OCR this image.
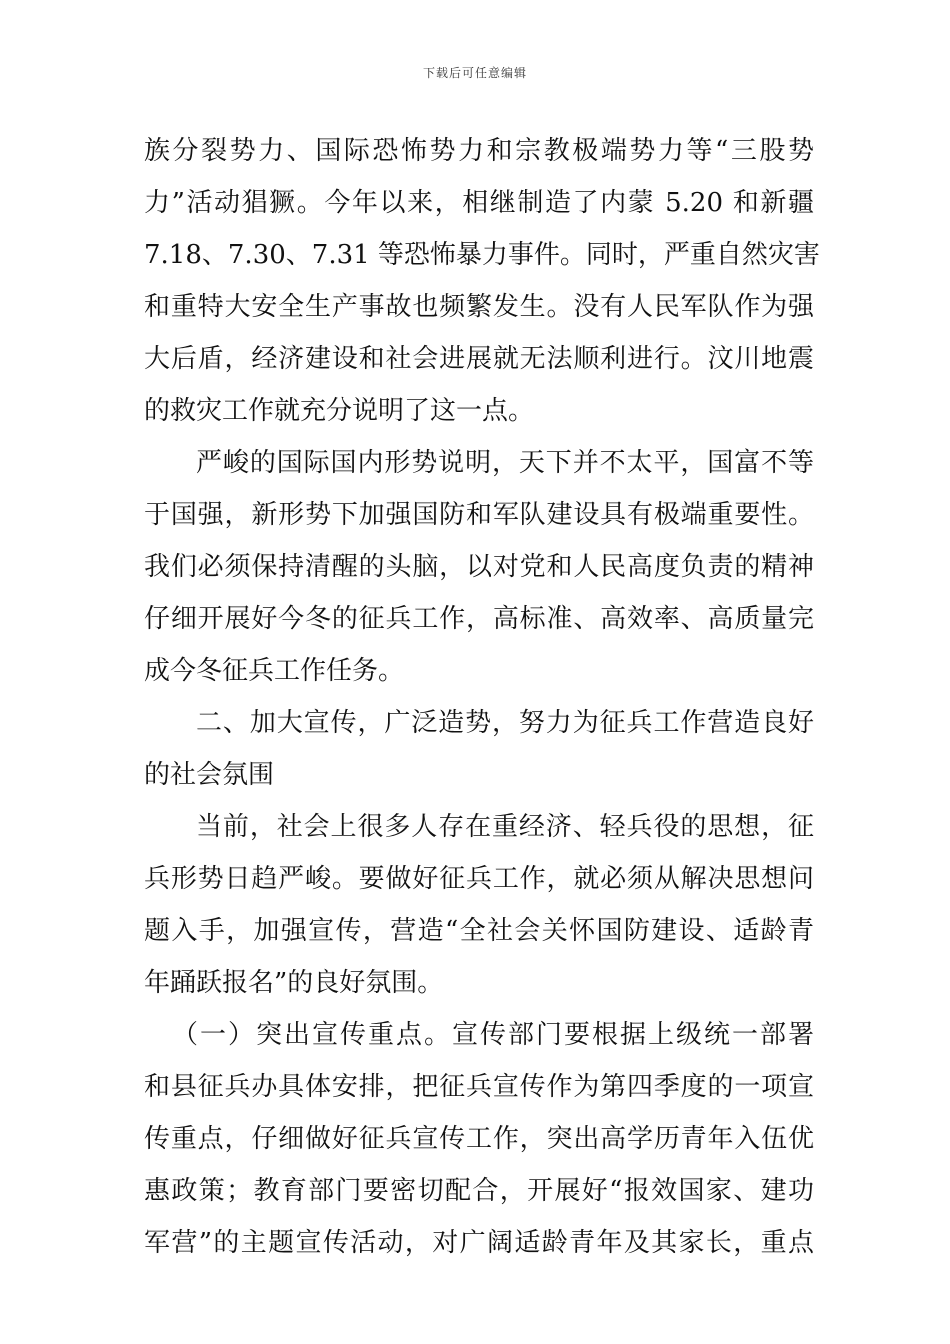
下载后可任意编辑
族分裂势力、国际恐怖势力和宗教极端势力等“三股势
力”活动猖獗。今年以来，相继制造了内蒙 5.20 和新疆
7.18、7.30、7.31 等恐怖暴力事件。同时，严重自然灾害
和重特大安全生产事故也频繁发生。没有人民军队作为强
大后盾，经济建设和社会进展就无法顺利进行。汶川地震
的救灾工作就充分说明了这一点。
严峻的国际国内形势说明，天下并不太平，国富不等
于国强，新形势下加强国防和军队建设具有极端重要性。
我们必须保持清醒的头脑，以对党和人民高度负责的精神
仔细开展好今冬的征兵工作，高标准、高效率、高质量完
成今冬征兵工作任务。
二、加大宣传，广泛造势，努力为征兵工作营造良好
的社会氛围
当前，社会上很多人存在重经济、轻兵役的思想，征
兵形势日趋严峻。要做好征兵工作，就必须从解决思想问
题入手，加强宣传，营造“全社会关怀国防建设、适龄青
年踊跃报名”的良好氛围。
（一）突出宣传重点。宣传部门要根据上级统一部署
和县征兵办具体安排，把征兵宣传作为第四季度的一项宣
传重点，仔细做好征兵宣传工作，突出高学历青年入伍优
惠政策；教育部门要密切配合，开展好“报效国家、建功
军营”的主题宣传活动，对广阔适龄青年及其家长，重点
